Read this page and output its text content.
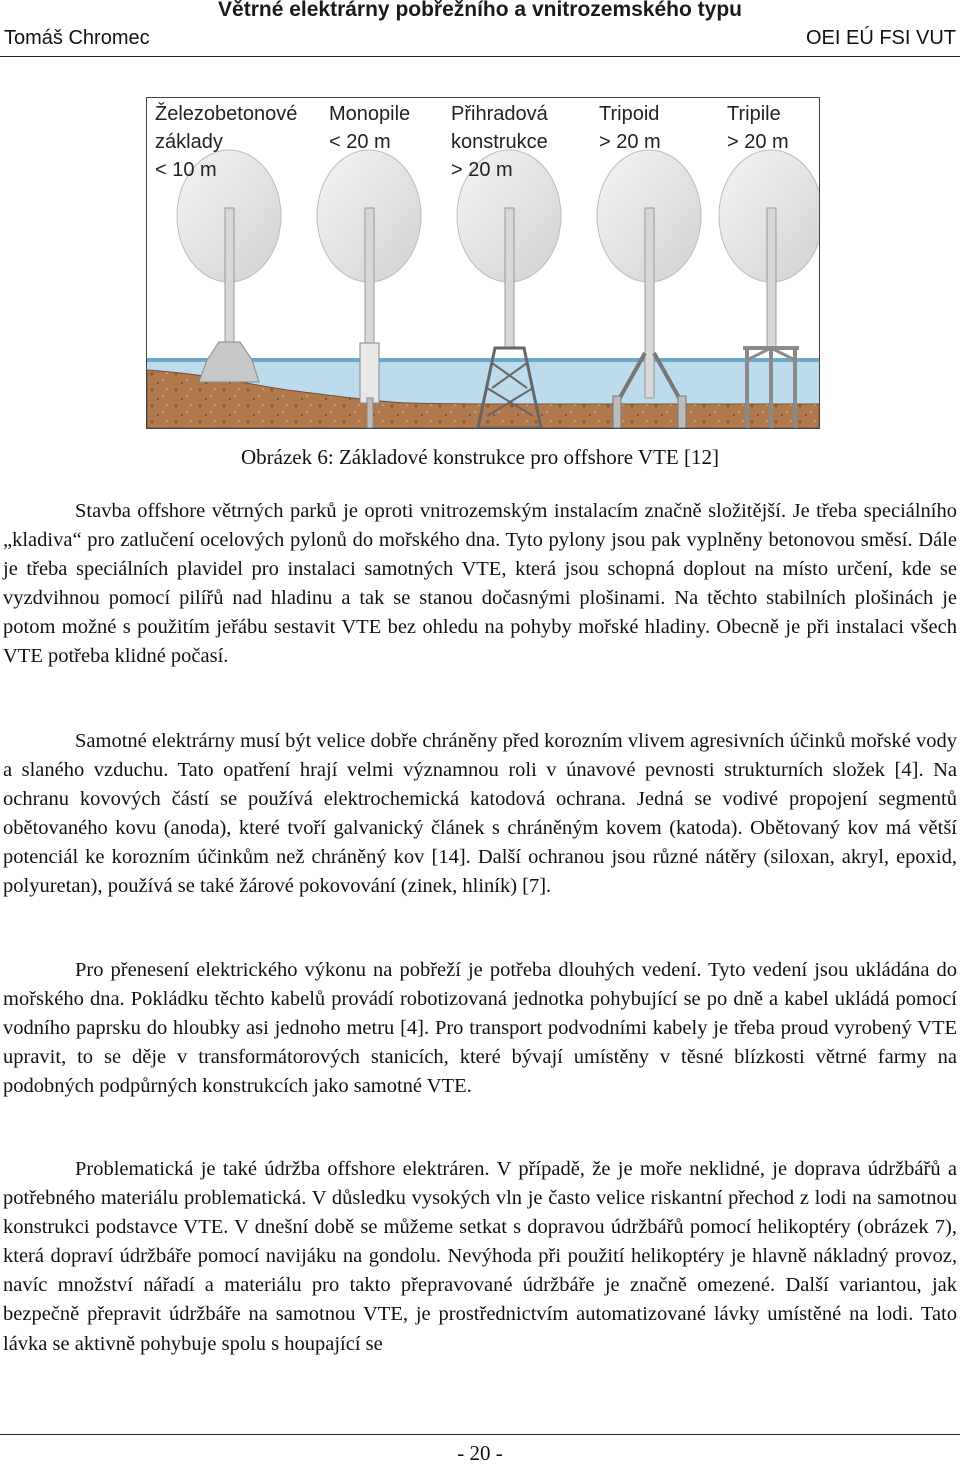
Větrné elektrárny pobřežního a vnitrozemského typu
Tomáš Chromec	OEI EÚ FSI VUT
Železobetonové
základy
< 10 m
Monopile
< 20 m
Přihradová
konstrukce
> 20 m
Tripoid
> 20 m
Tripile
> 20 m
Obrázek 6: Základové konstrukce pro offshore VTE [12]

Stavba offshore větrných parků je oproti vnitrozemským instalacím značně složitější. Je třeba speciálního „kladiva“ pro zatlučení ocelových pylonů do mořského dna. Tyto pylony jsou pak vyplněny betonovou směsí. Dále je třeba speciálních plavidel pro instalaci samotných VTE, která jsou schopná doplout na místo určení, kde se vyzdvihnou pomocí pilířů nad hladinu a tak se stanou dočasnými plošinami. Na těchto stabilních plošinách je potom možné s použitím jeřábu sestavit VTE bez ohledu na pohyby mořské hladiny. Obecně je při instalaci všech VTE potřeba klidné počasí.

Samotné elektrárny musí být velice dobře chráněny před korozním vlivem agresivních účinků mořské vody a slaného vzduchu. Tato opatření hrají velmi významnou roli v únavové pevnosti strukturních složek [4]. Na ochranu kovových částí se používá elektrochemická katodová ochrana. Jedná se vodivé propojení segmentů obětovaného kovu (anoda), které tvoří galvanický článek s chráněným kovem (katoda). Obětovaný kov má větší potenciál ke korozním účinkům než chráněný kov [14]. Další ochranou jsou různé nátěry (siloxan, akryl, epoxid, polyuretan), používá se také žárové pokovování (zinek, hliník) [7].

Pro přenesení elektrického výkonu na pobřeží je potřeba dlouhých vedení. Tyto vedení jsou ukládána do mořského dna. Pokládku těchto kabelů provádí robotizovaná jednotka pohybující se po dně a kabel ukládá pomocí vodního paprsku do hloubky asi jednoho metru [4]. Pro transport podvodními kabely je třeba proud vyrobený VTE upravit, to se děje v transformátorových stanicích, které bývají umístěny v těsné blízkosti větrné farmy na podobných podpůrných konstrukcích jako samotné VTE.

Problematická je také údržba offshore elektráren. V případě, že je moře neklidné, je doprava údržbářů a potřebného materiálu problematická. V důsledku vysokých vln je často velice riskantní přechod z lodi na samotnou konstrukci podstavce VTE. V dnešní době se můžeme setkat s dopravou údržbářů pomocí helikoptéry (obrázek 7), která dopraví údržbáře pomocí navijáku na gondolu. Nevýhoda při použití helikoptéry je hlavně nákladný provoz, navíc množství nářadí a materiálu pro takto přepravované údržbáře je značně omezené. Další variantou, jak bezpečně přepravit údržbáře na samotnou VTE, je prostřednictvím automatizované lávky umístěné na lodi. Tato lávka se aktivně pohybuje spolu s houpající se

- 20 -
